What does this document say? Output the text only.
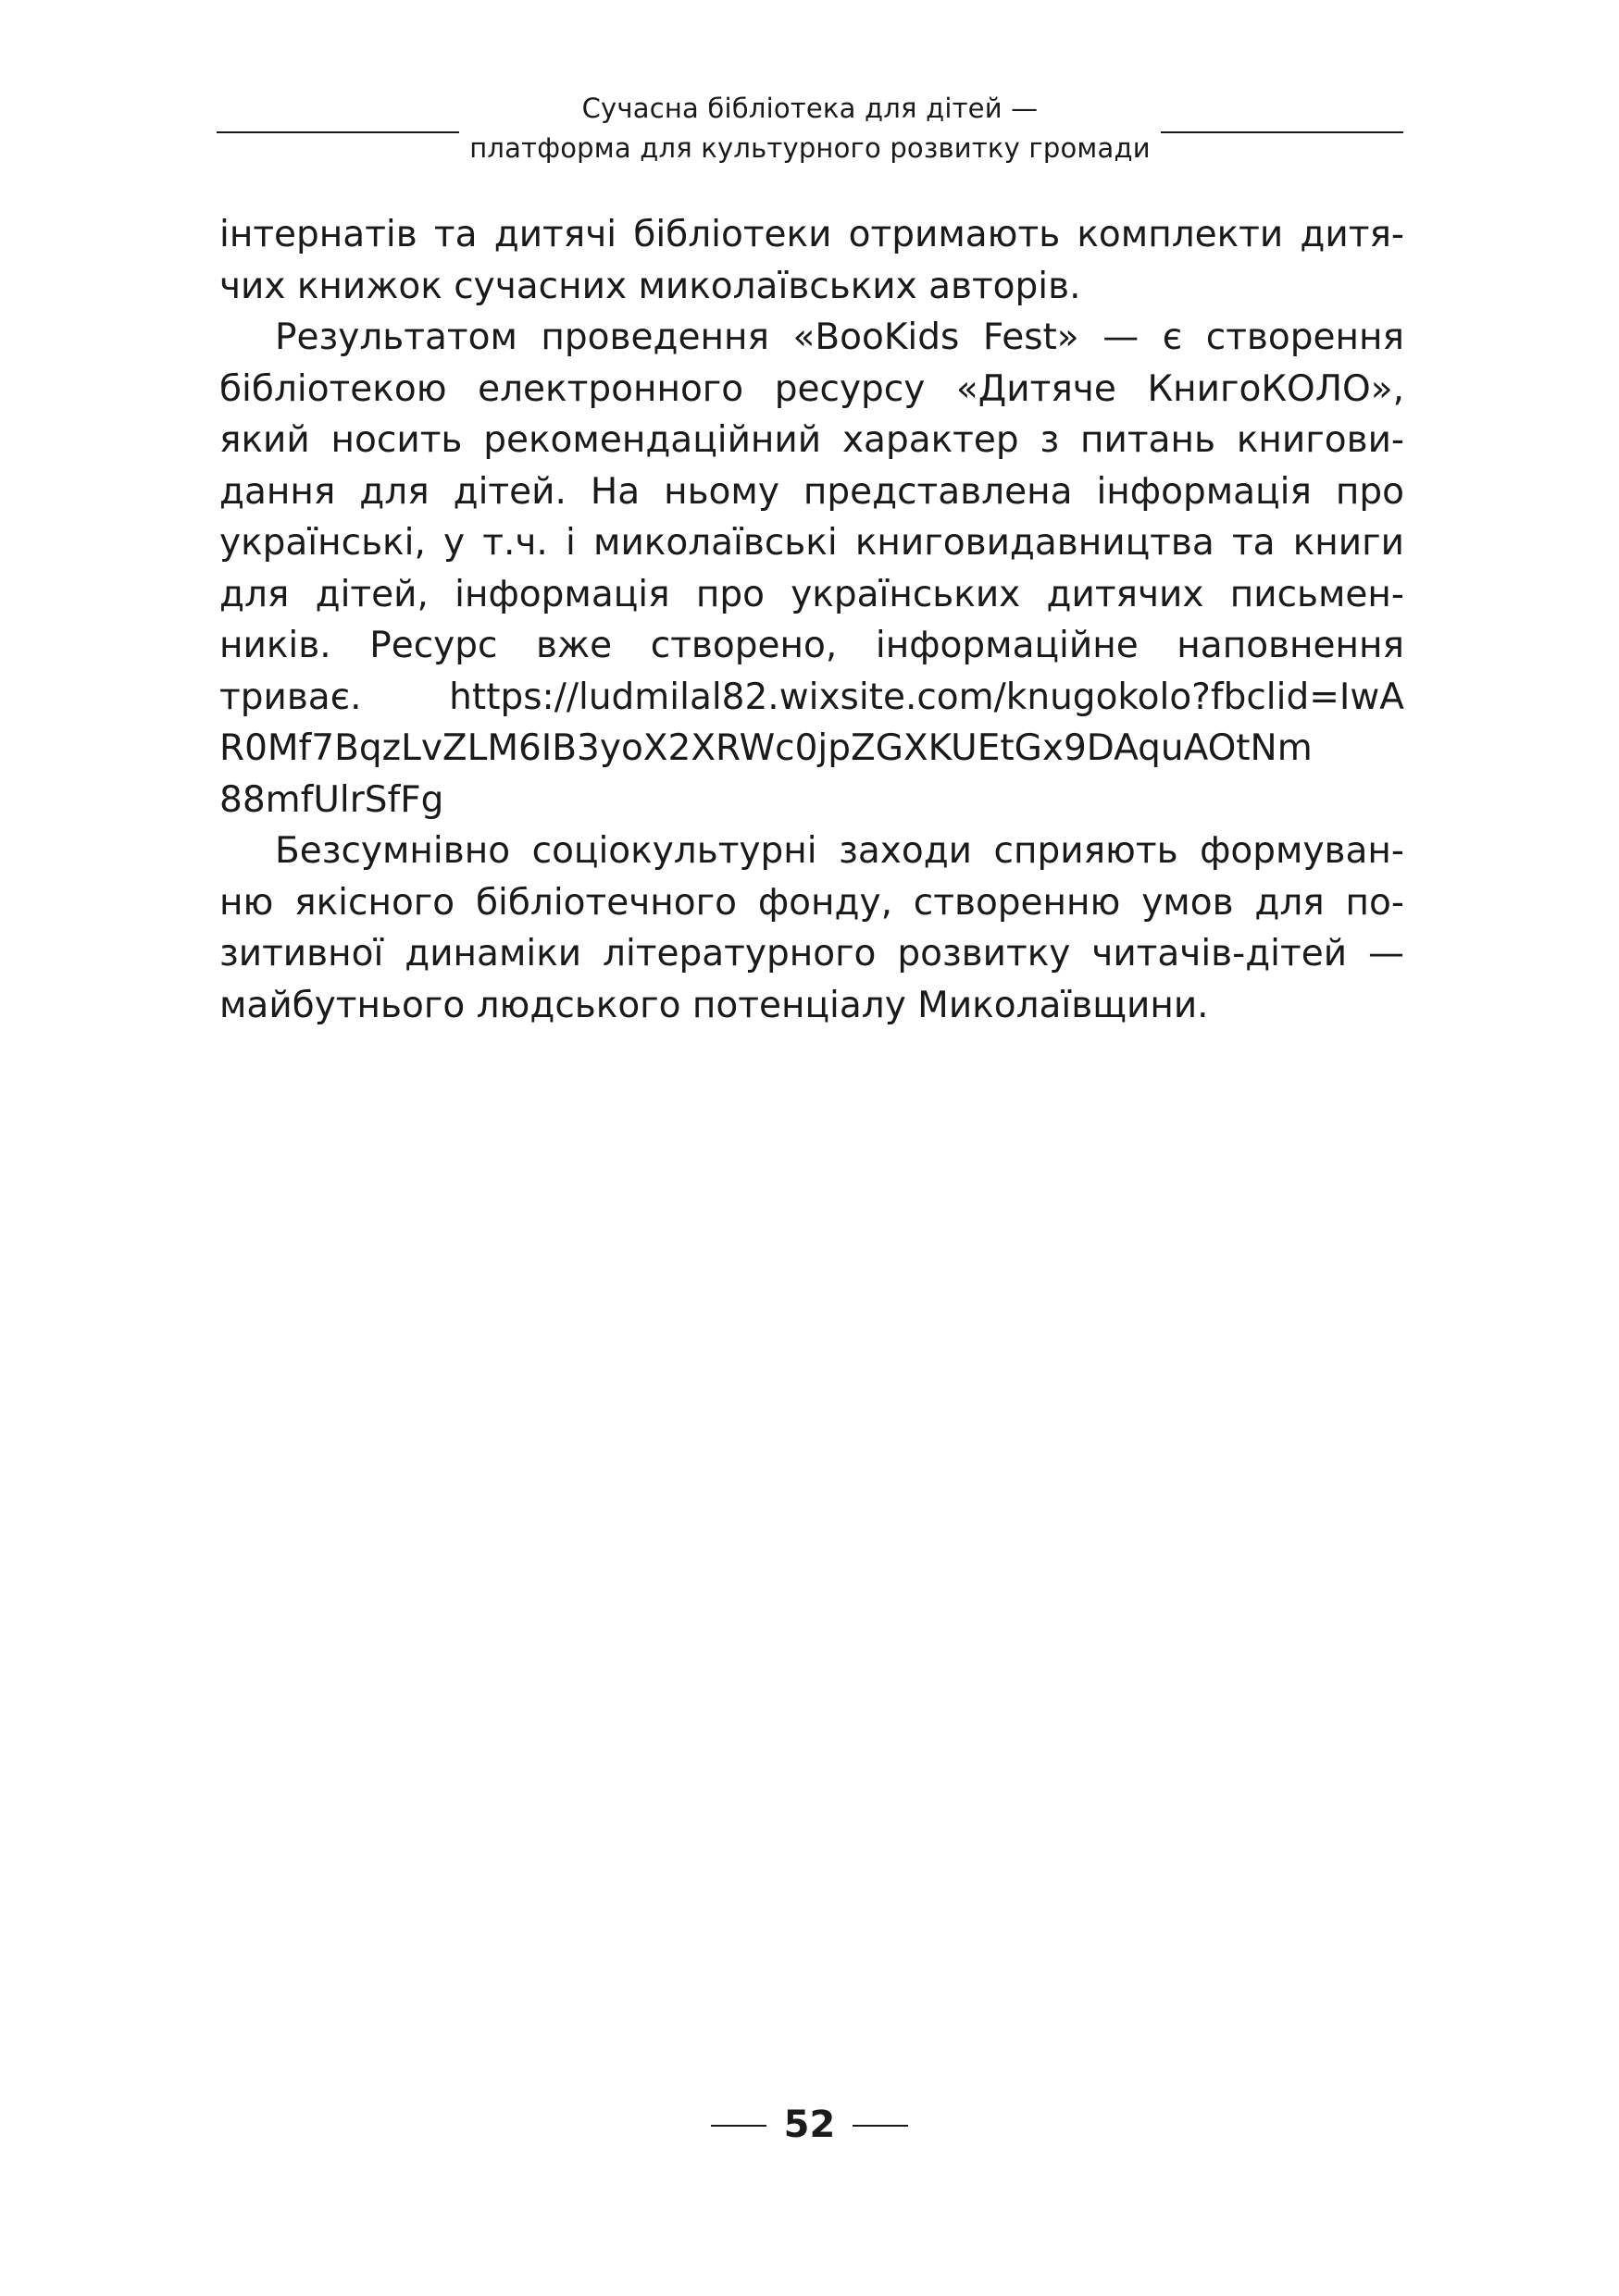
Сучасна бібліотека для дітей —
платформа для культурного розвитку громади

інтернатів та дитячі бібліотеки отримають комплекти дитя-

чих книжок сучасних миколаївських авторів.

Результатом проведення «BooKids Fest» — є створення

бібліотекою електронного ресурсу «Дитяче КнигоКОЛО»,

який носить рекомендаційний характер з питань книгови-

дання для дітей. На ньому представлена інформація про

українські, у т.ч. і миколаївські книговидавництва та книги

для дітей, інформація про українських дитячих письмен-

ників. Ресурс вже створено, інформаційне наповнення

триває. https://ludmilal82.wixsite.com/knugokolo?fbclid=IwA

R0Mf7BqzLvZLM6IB3yoX2XRWc0jpZGXKUEtGx9DAquAOtNm

88mfUlrSfFg

Безсумнівно соціокультурні заходи сприяють формуван-

ню якісного бібліотечного фонду, створенню умов для по-

зитивної динаміки літературного розвитку читачів-дітей —

майбутнього людського потенціалу Миколаївщини.

52
